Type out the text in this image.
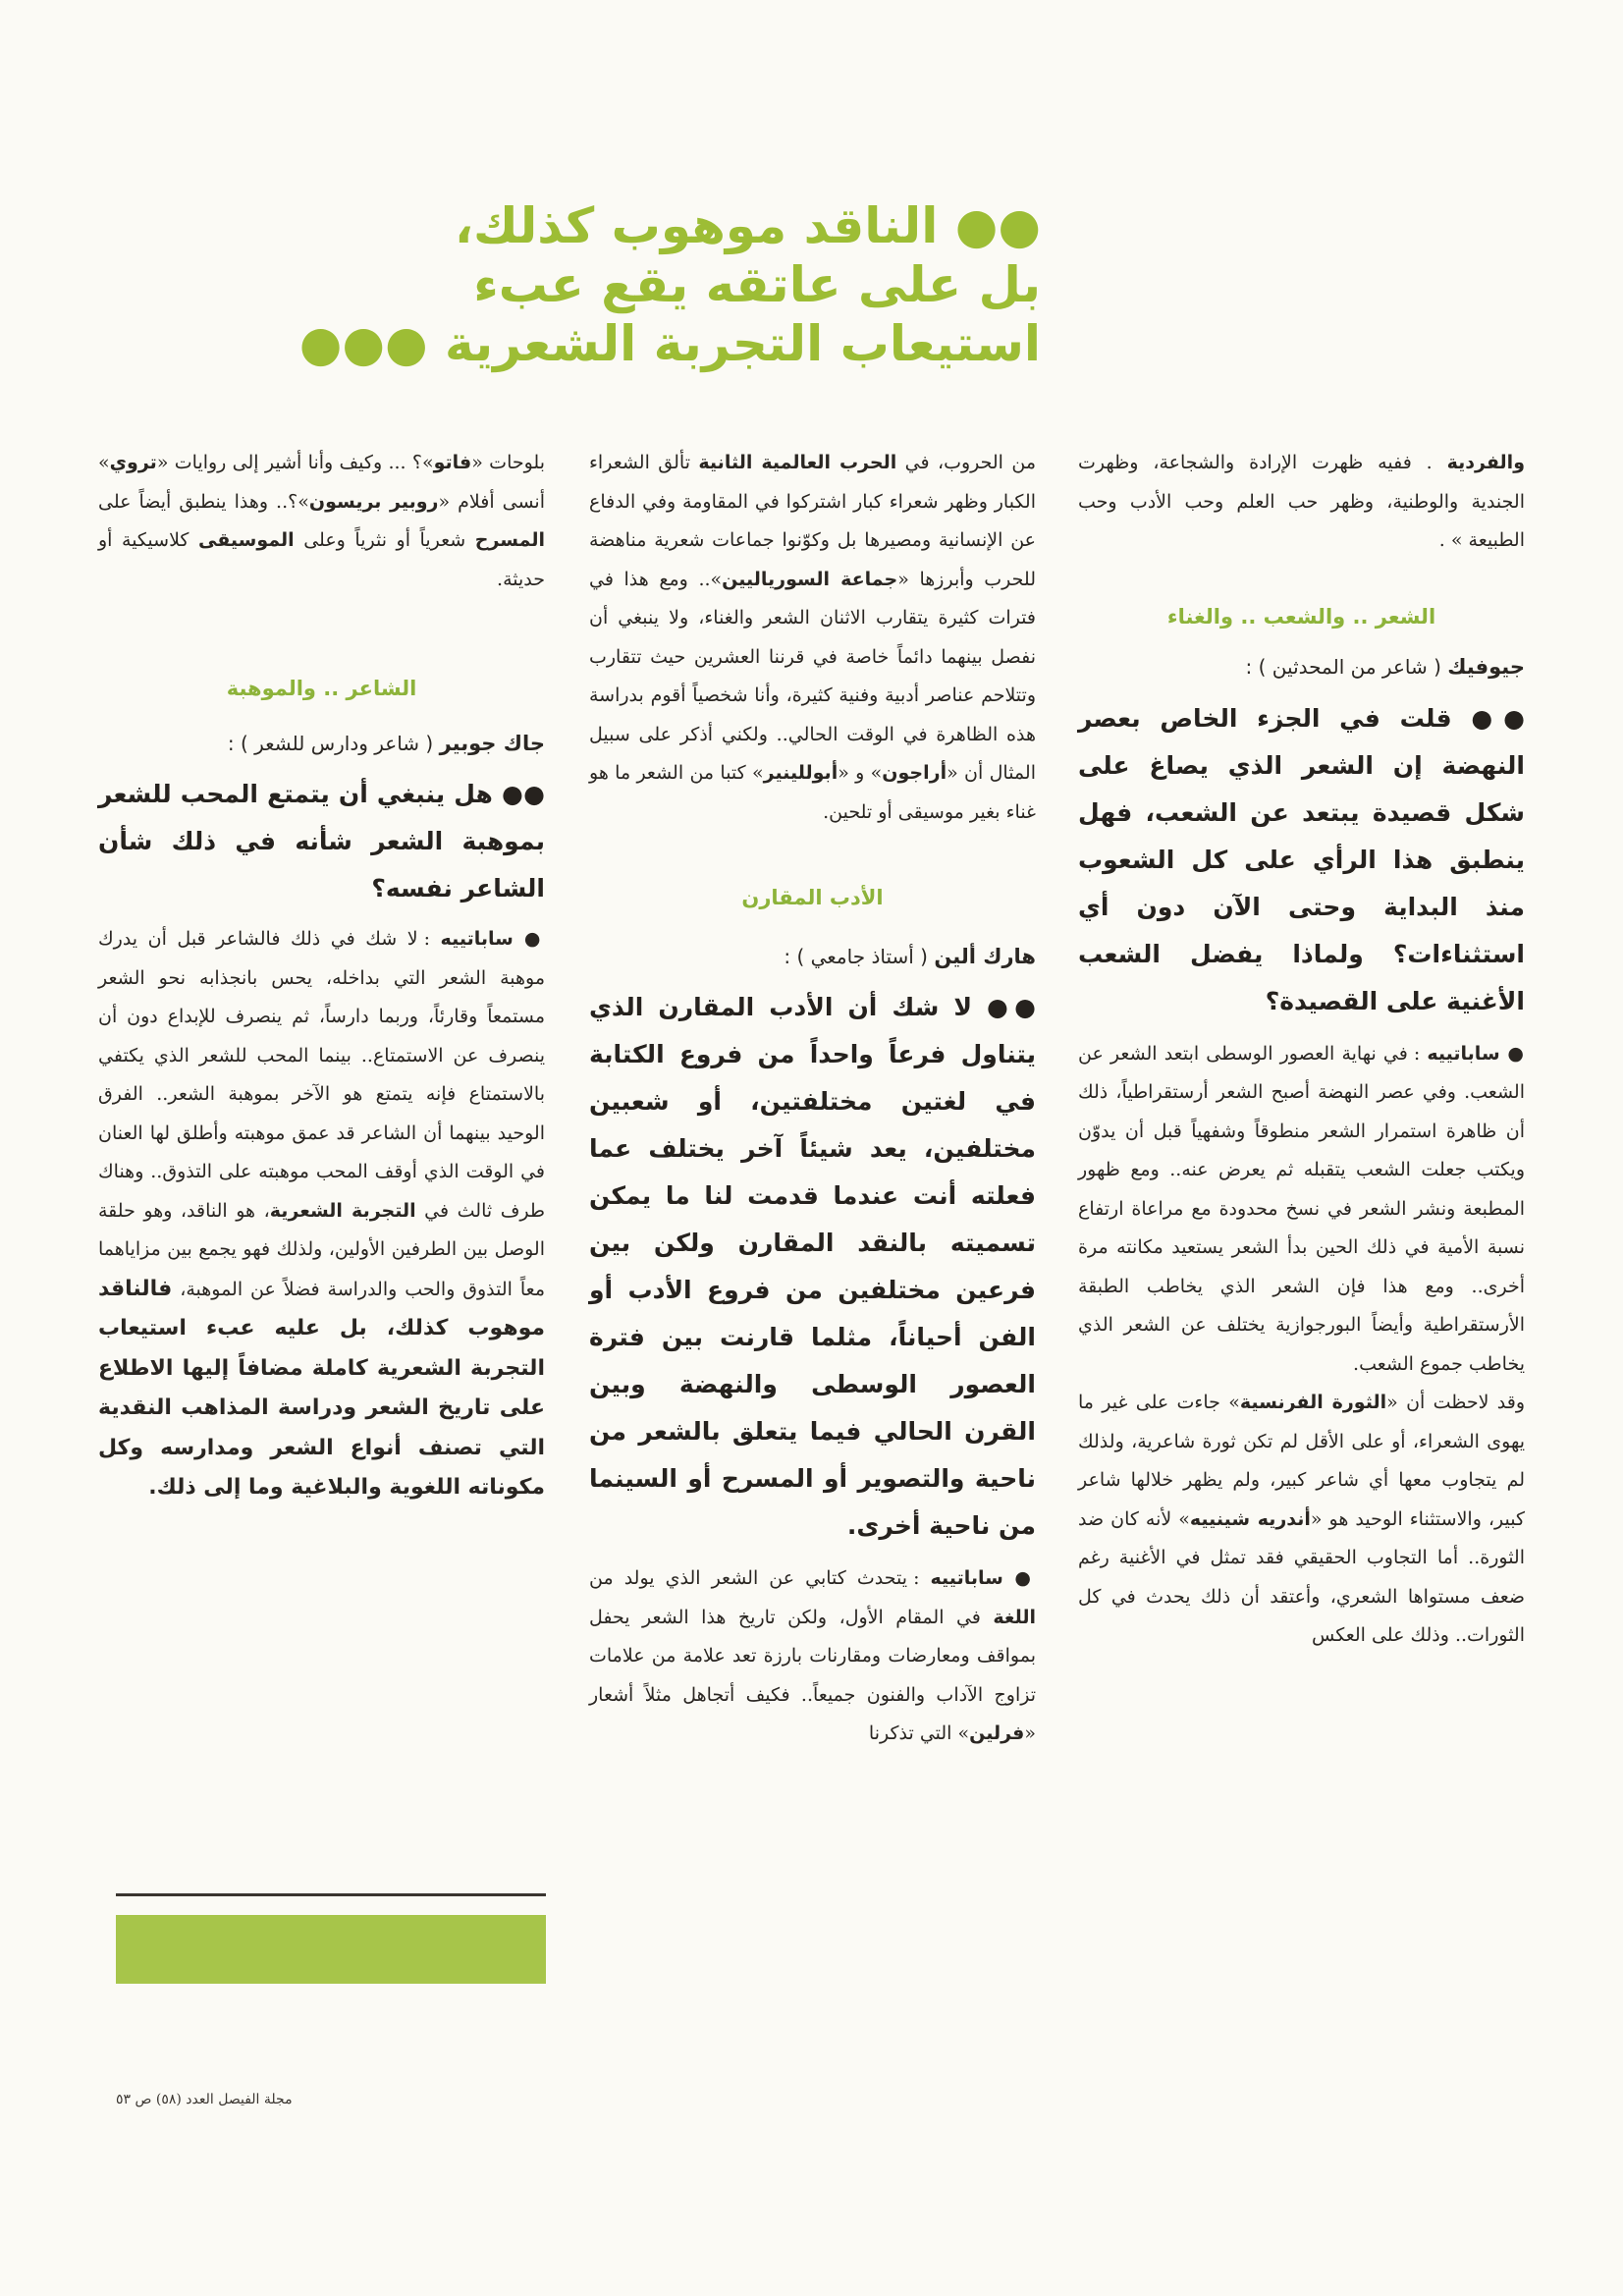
●● الناقد موهوب كذلك،
بل على عاتقه يقع عبء
استيعاب التجربة الشعرية ●●●

والفردية . ففيه ظهرت الإرادة والشجاعة، وظهرت الجندية والوطنية، وظهر حب العلم وحب الأدب وحب الطبيعة » .

الشعر .. والشعب .. والغناء

جيوفيك ( شاعر من المحدثين ) :

●● قلت في الجزء الخاص بعصر النهضة إن الشعر الذي يصاغ على شكل قصيدة يبتعد عن الشعب، فهل ينطبق هذا الرأي على كل الشعوب منذ البداية وحتى الآن دون أي استثناءات؟ ولماذا يفضل الشعب الأغنية على القصيدة؟

● ساباتييه : في نهاية العصور الوسطى ابتعد الشعر عن الشعب. وفي عصر النهضة أصبح الشعر أرستقراطياً، ذلك أن ظاهرة استمرار الشعر منطوقاً وشفهياً قبل أن يدوّن ويكتب جعلت الشعب يتقبله ثم يعرض عنه.. ومع ظهور المطبعة ونشر الشعر في نسخ محدودة مع مراعاة ارتفاع نسبة الأمية في ذلك الحين بدأ الشعر يستعيد مكانته مرة أخرى.. ومع هذا فإن الشعر الذي يخاطب الطبقة الأرستقراطية وأيضاً البورجوازية يختلف عن الشعر الذي يخاطب جموع الشعب.

وقد لاحظت أن «الثورة الفرنسية» جاءت على غير ما يهوى الشعراء، أو على الأقل لم تكن ثورة شاعرية، ولذلك لم يتجاوب معها أي شاعر كبير، ولم يظهر خلالها شاعر كبير، والاستثناء الوحيد هو «أندريه شينييه» لأنه كان ضد الثورة.. أما التجاوب الحقيقي فقد تمثل في الأغنية رغم ضعف مستواها الشعري، وأعتقد أن ذلك يحدث في كل الثورات.. وذلك على العكس

من الحروب، في الحرب العالمية الثانية تألق الشعراء الكبار وظهر شعراء كبار اشتركوا في المقاومة وفي الدفاع عن الإنسانية ومصيرها بل وكوّنوا جماعات شعرية مناهضة للحرب وأبرزها «جماعة السورياليين».. ومع هذا في فترات كثيرة يتقارب الاثنان الشعر والغناء، ولا ينبغي أن نفصل بينهما دائماً خاصة في قرننا العشرين حيث تتقارب وتتلاحم عناصر أدبية وفنية كثيرة، وأنا شخصياً أقوم بدراسة هذه الظاهرة في الوقت الحالي.. ولكني أذكر على سبيل المثال أن «أراجون» و «أبوللينير» كتبا من الشعر ما هو غناء بغير موسيقى أو تلحين.

الأدب المقارن

هارك ألين ( أستاذ جامعي ) :

●● لا شك أن الأدب المقارن الذي يتناول فرعاً واحداً من فروع الكتابة في لغتين مختلفتين، أو شعبين مختلفين، يعد شيئاً آخر يختلف عما فعلته أنت عندما قدمت لنا ما يمكن تسميته بالنقد المقارن ولكن بين فرعين مختلفين من فروع الأدب أو الفن أحياناً، مثلما قارنت بين فترة العصور الوسطى والنهضة وبين القرن الحالي فيما يتعلق بالشعر من ناحية والتصوير أو المسرح أو السينما من ناحية أخرى.

● ساباتييه : يتحدث كتابي عن الشعر الذي يولد من اللغة في المقام الأول، ولكن تاريخ هذا الشعر يحفل بمواقف ومعارضات ومقارنات بارزة تعد علامة من علامات تزاوج الآداب والفنون جميعاً.. فكيف أتجاهل مثلاً أشعار «فرلين» التي تذكرنا

بلوحات «فاتو»؟ ... وكيف وأنا أشير إلى روايات «تروي» أنسى أفلام «روبير بريسون»؟.. وهذا ينطبق أيضاً على المسرح شعرياً أو نثرياً وعلى الموسيقى كلاسيكية أو حديثة.

الشاعر .. والموهبة

جاك جوبير ( شاعر ودارس للشعر ) :

●● هل ينبغي أن يتمتع المحب للشعر بموهبة الشعر شأنه في ذلك شأن الشاعر نفسه؟

● ساباتييه : لا شك في ذلك فالشاعر قبل أن يدرك موهبة الشعر التي بداخله، يحس بانجذابه نحو الشعر مستمعاً وقارئاً، وربما دارساً، ثم ينصرف للإبداع دون أن ينصرف عن الاستمتاع.. بينما المحب للشعر الذي يكتفي بالاستمتاع فإنه يتمتع هو الآخر بموهبة الشعر.. الفرق الوحيد بينهما أن الشاعر قد عمق موهبته وأطلق لها العنان في الوقت الذي أوقف المحب موهبته على التذوق.. وهناك طرف ثالث في التجربة الشعرية، هو الناقد، وهو حلقة الوصل بين الطرفين الأولين، ولذلك فهو يجمع بين مزاياهما معاً التذوق والحب والدراسة فضلاً عن الموهبة، فالناقد موهوب كذلك، بل عليه عبء استيعاب التجربة الشعرية كاملة مضافاً إليها الاطلاع على تاريخ الشعر ودراسة المذاهب النقدية التي تصنف أنواع الشعر ومدارسه وكل مكوناته اللغوية والبلاغية وما إلى ذلك.

مجلة الفيصل العدد (٥٨) ص ٥٣
